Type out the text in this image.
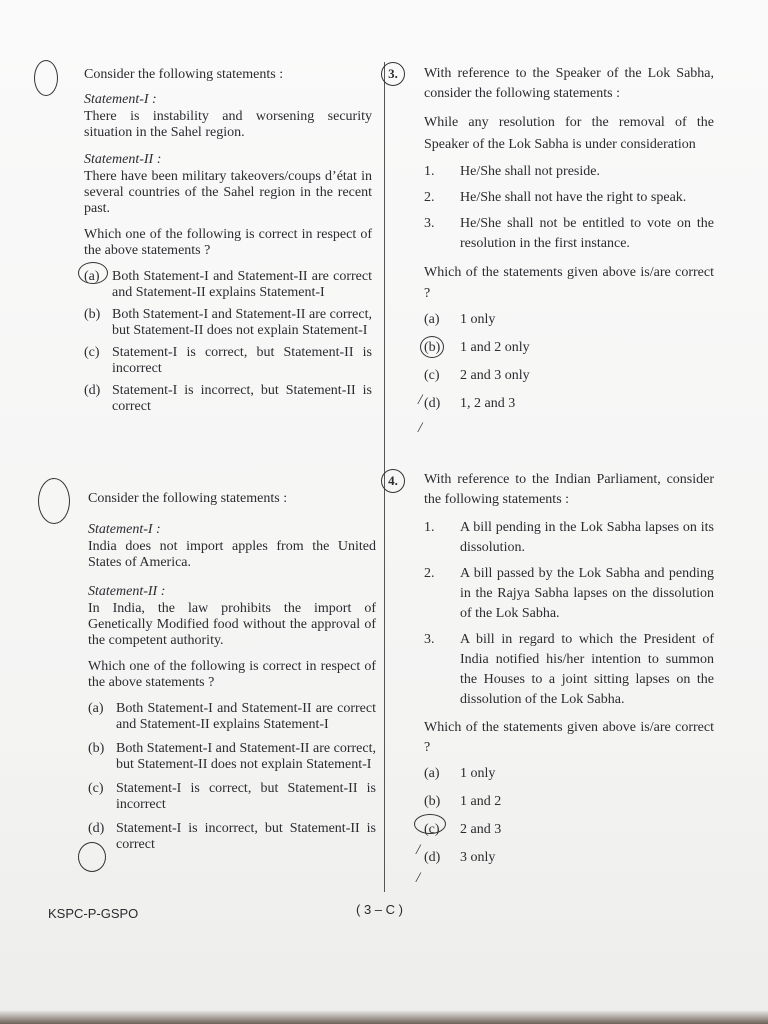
3.
4.

Consider the following statements :

Statement-I :

There is instability and worsening security situation in the Sahel region.

Statement-II :

There have been military takeovers/coups d’état in several countries of the Sahel region in the recent past.

Which one of the following is correct in respect of the above statements ?

(a) Both Statement-I and Statement-II are correct and Statement-II explains Statement-I
(b) Both Statement-I and Statement-II are correct, but Statement-II does not explain Statement-I
(c) Statement-I is correct, but Statement-II is incorrect
(d) Statement-I is incorrect, but Statement-II is correct

Consider the following statements :

Statement-I :

India does not import apples from the United States of America.

Statement-II :

In India, the law prohibits the import of Genetically Modified food without the approval of the competent authority.

Which one of the following is correct in respect of the above statements ?

(a) Both Statement-I and Statement-II are correct and Statement-II explains Statement-I
(b) Both Statement-I and Statement-II are correct, but Statement-II does not explain Statement-I
(c) Statement-I is correct, but Statement-II is incorrect
(d) Statement-I is incorrect, but Statement-II is correct

With reference to the Speaker of the Lok Sabha, consider the following statements :

While any resolution for the removal of the Speaker of the Lok Sabha is under consideration

1.	He/She shall not preside.
2.	He/She shall not have the right to speak.
3.	He/She shall not be entitled to vote on the resolution in the first instance.

Which of the statements given above is/are correct ?

(a)	1 only
(b)	1 and 2 only
(c)	2 and 3 only
(d)	1, 2 and 3
/
/

With reference to the Indian Parliament, consider the following statements :

1.	A bill pending in the Lok Sabha lapses on its dissolution.
2.	A bill passed by the Lok Sabha and pending in the Rajya Sabha lapses on the dissolution of the Lok Sabha.
3.	A bill in regard to which the President of India notified his/her intention to summon the Houses to a joint sitting lapses on the dissolution of the Lok Sabha.

Which of the statements given above is/are correct ?

(a)	1 only
(b)	1 and 2
(c)	2 and 3
(d)	3 only
/
/
KSPC-P-GSPO	( 3 – C )
